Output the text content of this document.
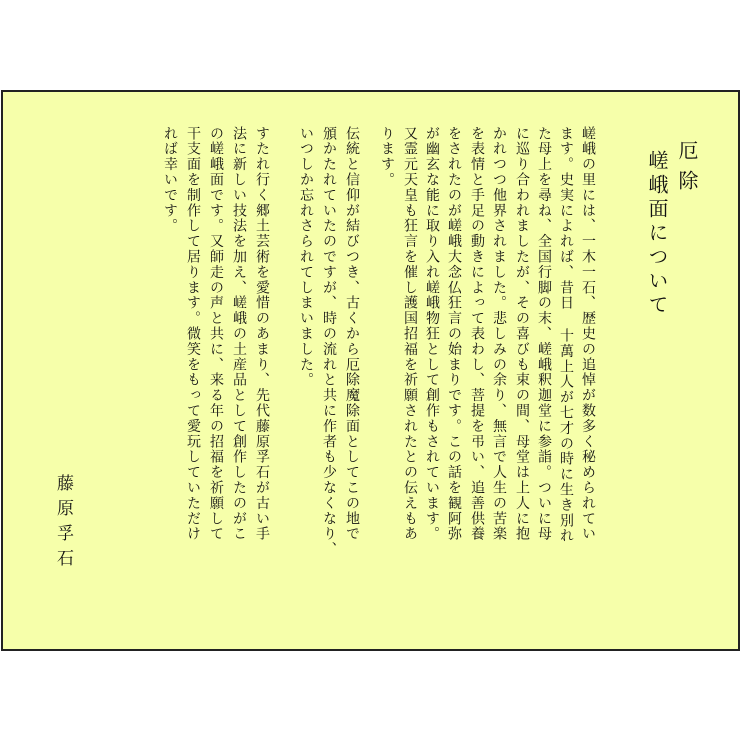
厄除
嵯峨面について
嵯峨の里には、一木一石、歴史の追悼が数多く秘められてい
ます。史実によれば、昔日 十萬上人が七才の時に生き別れ
た母上を尋ね、全国行脚の末、嵯峨釈迦堂に参詣。ついに母
に巡り合われましたが、その喜びも束の間、母堂は上人に抱
かれつつ他界されました。悲しみの余り、無言で人生の苦楽
を表情と手足の動きによって表わし、菩提を弔い、追善供養
をされたのが嵯峨大念仏狂言の始まりです。この話を観阿弥
が幽玄な能に取り入れ嵯峨物狂として創作もされています。
又霊元天皇も狂言を催し護国招福を祈願されたとの伝えもあ
ります。
伝統と信仰が結びつき、古くから厄除魔除面としてこの地で
頒かたれていたのですが、時の流れと共に作者も少なくなり、
いつしか忘れさられてしまいました。
すたれ行く郷土芸術を愛惜のあまり、先代藤原孚石が古い手
法に新しい技法を加え、嵯峨の土産品として創作したのがこ
の嵯峨面です。又師走の声と共に、来る年の招福を祈願して
干支面を制作して居ります。微笑をもって愛玩していただけ
れば幸いです。
藤原孚石
